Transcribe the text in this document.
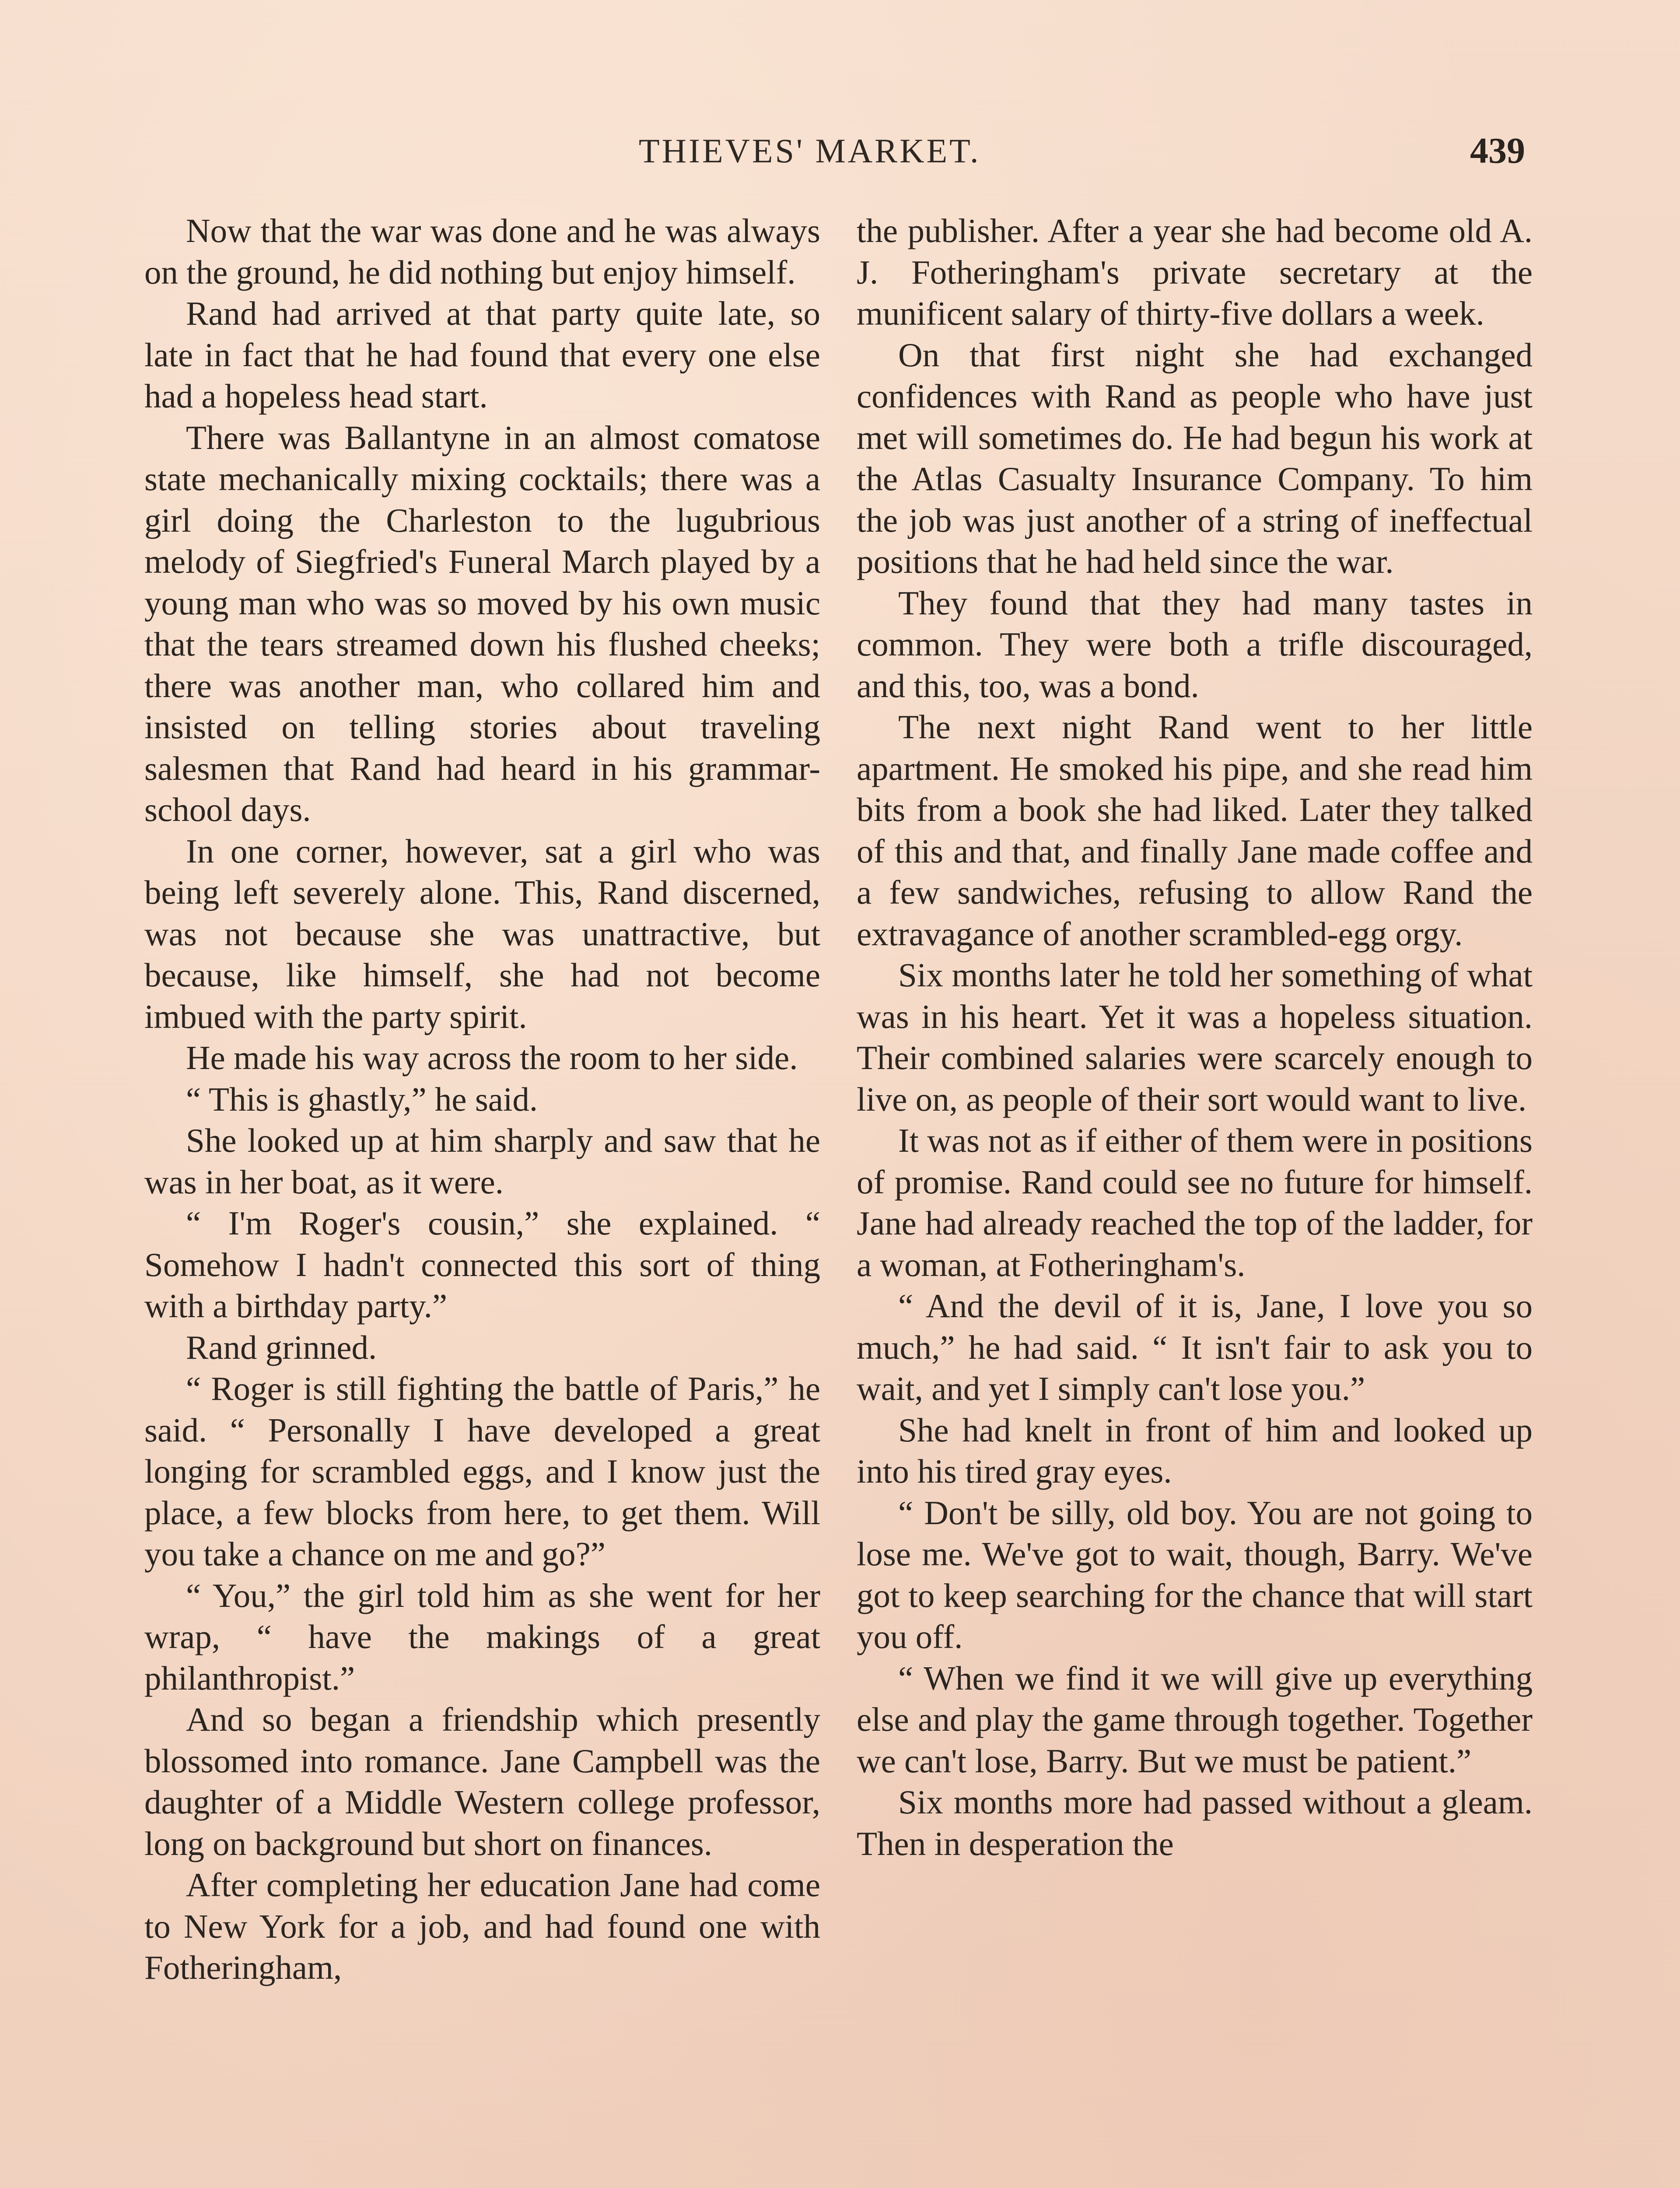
THIEVES' MARKET.	439

Now that the war was done and he was always on the ground, he did nothing but enjoy himself.

Rand had arrived at that party quite late, so late in fact that he had found that every one else had a hopeless head start.

There was Ballantyne in an almost comatose state mechanically mixing cocktails; there was a girl doing the Charleston to the lugubrious melody of Siegfried's Funeral March played by a young man who was so moved by his own music that the tears streamed down his flushed cheeks; there was another man, who collared him and insisted on telling stories about traveling salesmen that Rand had heard in his grammar-school days.

In one corner, however, sat a girl who was being left severely alone. This, Rand discerned, was not because she was unattractive, but because, like himself, she had not become imbued with the party spirit.

He made his way across the room to her side.

“ This is ghastly,” he said.

She looked up at him sharply and saw that he was in her boat, as it were.

“ I'm Roger's cousin,” she explained. “ Somehow I hadn't connected this sort of thing with a birthday party.”

Rand grinned.

“ Roger is still fighting the battle of Paris,” he said. “ Personally I have developed a great longing for scrambled eggs, and I know just the place, a few blocks from here, to get them. Will you take a chance on me and go?”

“ You,” the girl told him as she went for her wrap, “ have the makings of a great philanthropist.”

And so began a friendship which presently blossomed into romance. Jane Campbell was the daughter of a Middle Western college professor, long on background but short on finances.

After completing her education Jane had come to New York for a job, and had found one with Fotheringham,

the publisher. After a year she had become old A. J. Fotheringham's private secretary at the munificent salary of thirty-five dollars a week.

On that first night she had exchanged confidences with Rand as people who have just met will sometimes do. He had begun his work at the Atlas Casualty Insurance Company. To him the job was just another of a string of ineffectual positions that he had held since the war.

They found that they had many tastes in common. They were both a trifle discouraged, and this, too, was a bond.

The next night Rand went to her little apartment. He smoked his pipe, and she read him bits from a book she had liked. Later they talked of this and that, and finally Jane made coffee and a few sandwiches, refusing to allow Rand the extravagance of another scrambled-egg orgy.

Six months later he told her something of what was in his heart. Yet it was a hopeless situation. Their combined salaries were scarcely enough to live on, as people of their sort would want to live.

It was not as if either of them were in positions of promise. Rand could see no future for himself. Jane had already reached the top of the ladder, for a woman, at Fotheringham's.

“ And the devil of it is, Jane, I love you so much,” he had said. “ It isn't fair to ask you to wait, and yet I simply can't lose you.”

She had knelt in front of him and looked up into his tired gray eyes.

“ Don't be silly, old boy. You are not going to lose me. We've got to wait, though, Barry. We've got to keep searching for the chance that will start you off.

“ When we find it we will give up everything else and play the game through together. Together we can't lose, Barry. But we must be patient.”

Six months more had passed without a gleam. Then in desperation the
